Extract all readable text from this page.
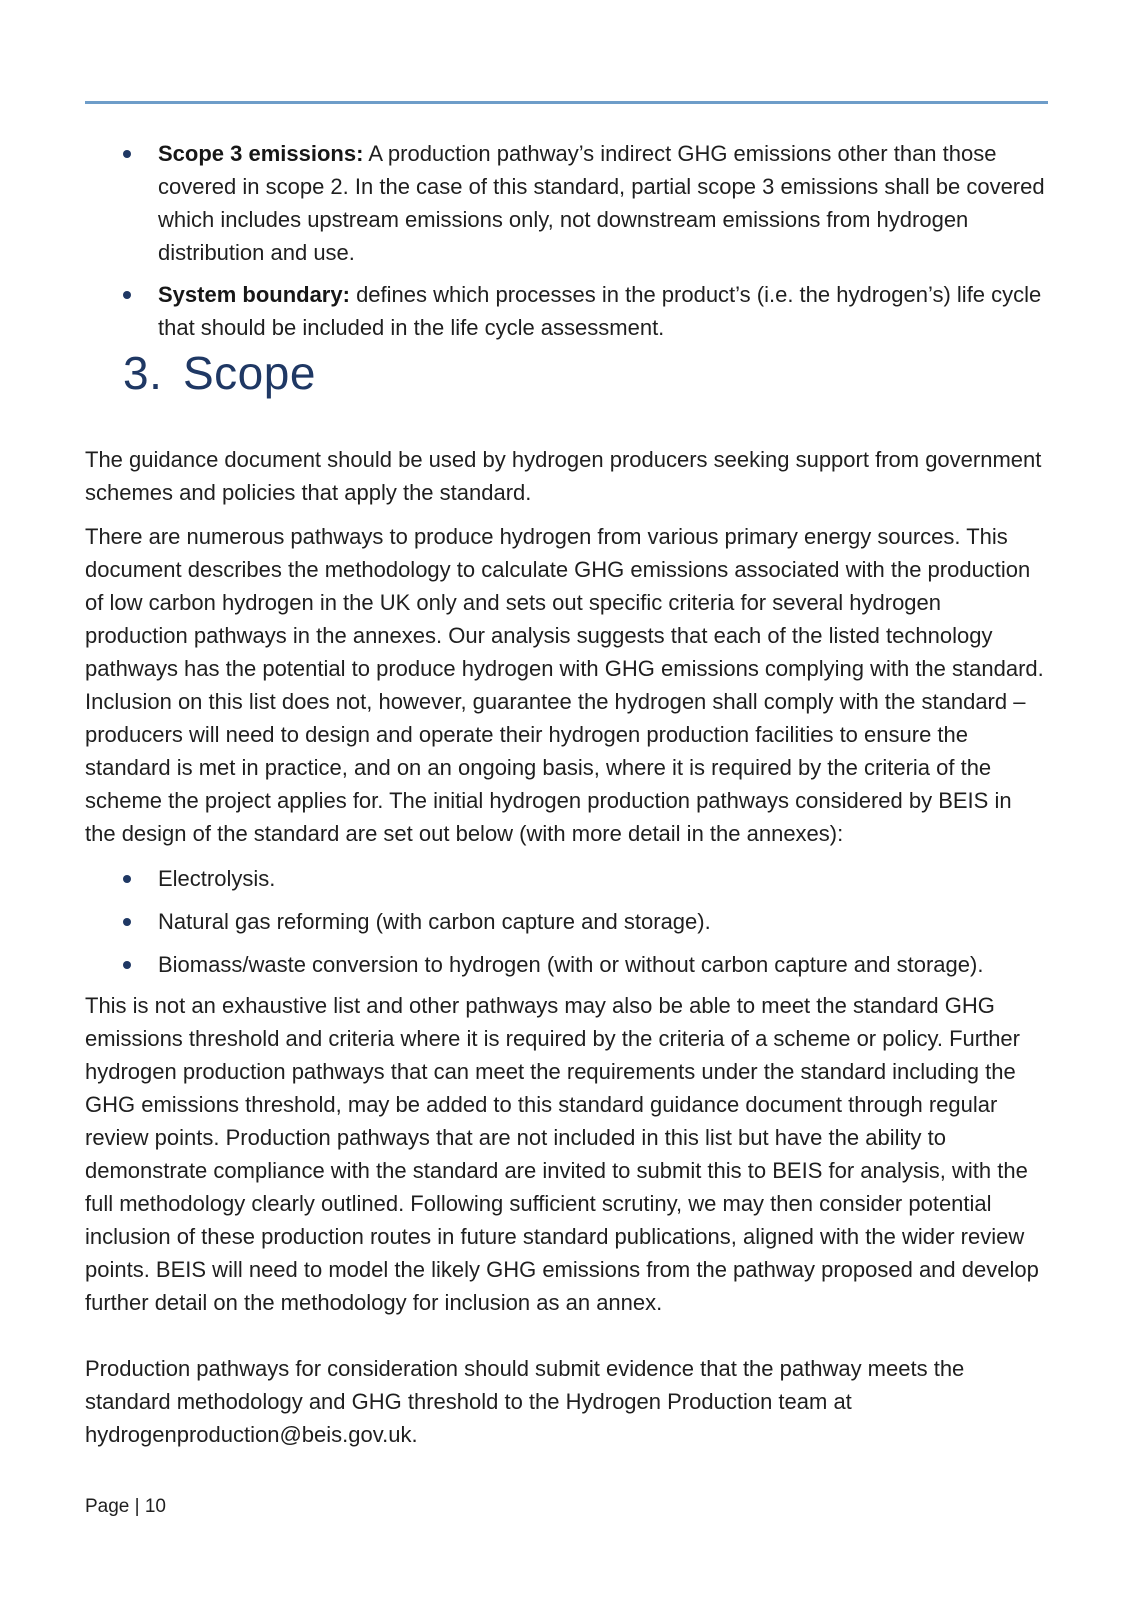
Scope 3 emissions: A production pathway’s indirect GHG emissions other than those covered in scope 2. In the case of this standard, partial scope 3 emissions shall be covered which includes upstream emissions only, not downstream emissions from hydrogen distribution and use.
System boundary: defines which processes in the product’s (i.e. the hydrogen’s) life cycle that should be included in the life cycle assessment.
3. Scope

The guidance document should be used by hydrogen producers seeking support from government schemes and policies that apply the standard.

There are numerous pathways to produce hydrogen from various primary energy sources. This document describes the methodology to calculate GHG emissions associated with the production of low carbon hydrogen in the UK only and sets out specific criteria for several hydrogen production pathways in the annexes. Our analysis suggests that each of the listed technology pathways has the potential to produce hydrogen with GHG emissions complying with the standard. Inclusion on this list does not, however, guarantee the hydrogen shall comply with the standard – producers will need to design and operate their hydrogen production facilities to ensure the standard is met in practice, and on an ongoing basis, where it is required by the criteria of the scheme the project applies for. The initial hydrogen production pathways considered by BEIS in the design of the standard are set out below (with more detail in the annexes):

Electrolysis.
Natural gas reforming (with carbon capture and storage).
Biomass/waste conversion to hydrogen (with or without carbon capture and storage).

This is not an exhaustive list and other pathways may also be able to meet the standard GHG emissions threshold and criteria where it is required by the criteria of a scheme or policy. Further hydrogen production pathways that can meet the requirements under the standard including the GHG emissions threshold, may be added to this standard guidance document through regular review points. Production pathways that are not included in this list but have the ability to demonstrate compliance with the standard are invited to submit this to BEIS for analysis, with the full methodology clearly outlined. Following sufficient scrutiny, we may then consider potential inclusion of these production routes in future standard publications, aligned with the wider review points. BEIS will need to model the likely GHG emissions from the pathway proposed and develop further detail on the methodology for inclusion as an annex.

Production pathways for consideration should submit evidence that the pathway meets the standard methodology and GHG threshold to the Hydrogen Production team at hydrogenproduction@beis.gov.uk.

Page | 10
